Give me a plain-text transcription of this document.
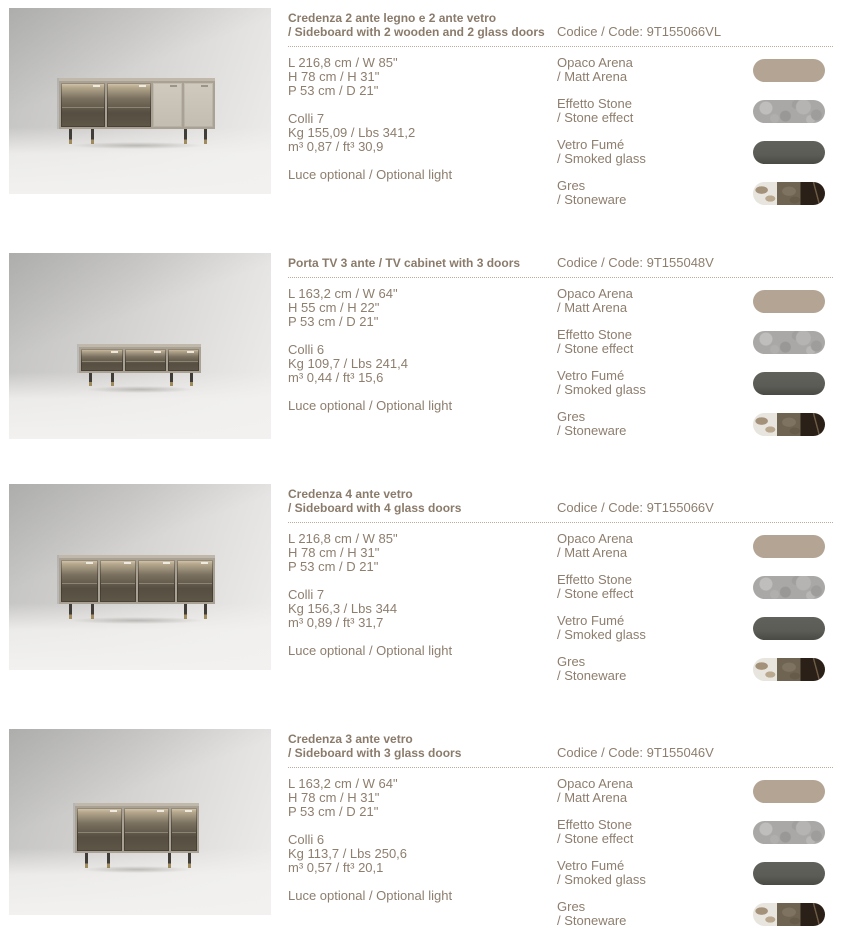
Credenza 2 ante legno e 2 ante vetro
/ Sideboard with 2 wooden and 2 glass doors Codice / Code: 9T155066VL
L 216,8 cm / W 85"
H 78 cm / H 31"
P 53 cm / D 21"
Colli 7
Kg 155,09 / Lbs 341,2
m³ 0,87 / ft³ 30,9
Luce optional / Optional light
Opaco Arena
/ Matt Arena
Effetto Stone
/ Stone effect
Vetro Fumé
/ Smoked glass
Gres
/ Stoneware
Porta TV 3 ante / TV cabinet with 3 doors	Codice / Code: 9T155048V
L 163,2 cm / W 64"
H 55 cm / H 22"
P 53 cm / D 21"
Colli 6
Kg 109,7 / Lbs 241,4
m³ 0,44 / ft³ 15,6
Luce optional / Optional light
Opaco Arena
/ Matt Arena
Effetto Stone
/ Stone effect
Vetro Fumé
/ Smoked glass
Gres
/ Stoneware
Credenza 4 ante vetro
/ Sideboard with 4 glass doors	Codice / Code: 9T155066V
L 216,8 cm / W 85"
H 78 cm / H 31"
P 53 cm / D 21"
Colli 7
Kg 156,3 / Lbs 344
m³ 0,89 / ft³ 31,7
Luce optional / Optional light
Opaco Arena
/ Matt Arena
Effetto Stone
/ Stone effect
Vetro Fumé
/ Smoked glass
Gres
/ Stoneware
Credenza 3 ante vetro
/ Sideboard with 3 glass doors	Codice / Code: 9T155046V
L 163,2 cm / W 64"
H 78 cm / H 31"
P 53 cm / D 21"
Colli 6
Kg 113,7 / Lbs 250,6
m³ 0,57 / ft³ 20,1
Luce optional / Optional light
Opaco Arena
/ Matt Arena
Effetto Stone
/ Stone effect
Vetro Fumé
/ Smoked glass
Gres
/ Stoneware
